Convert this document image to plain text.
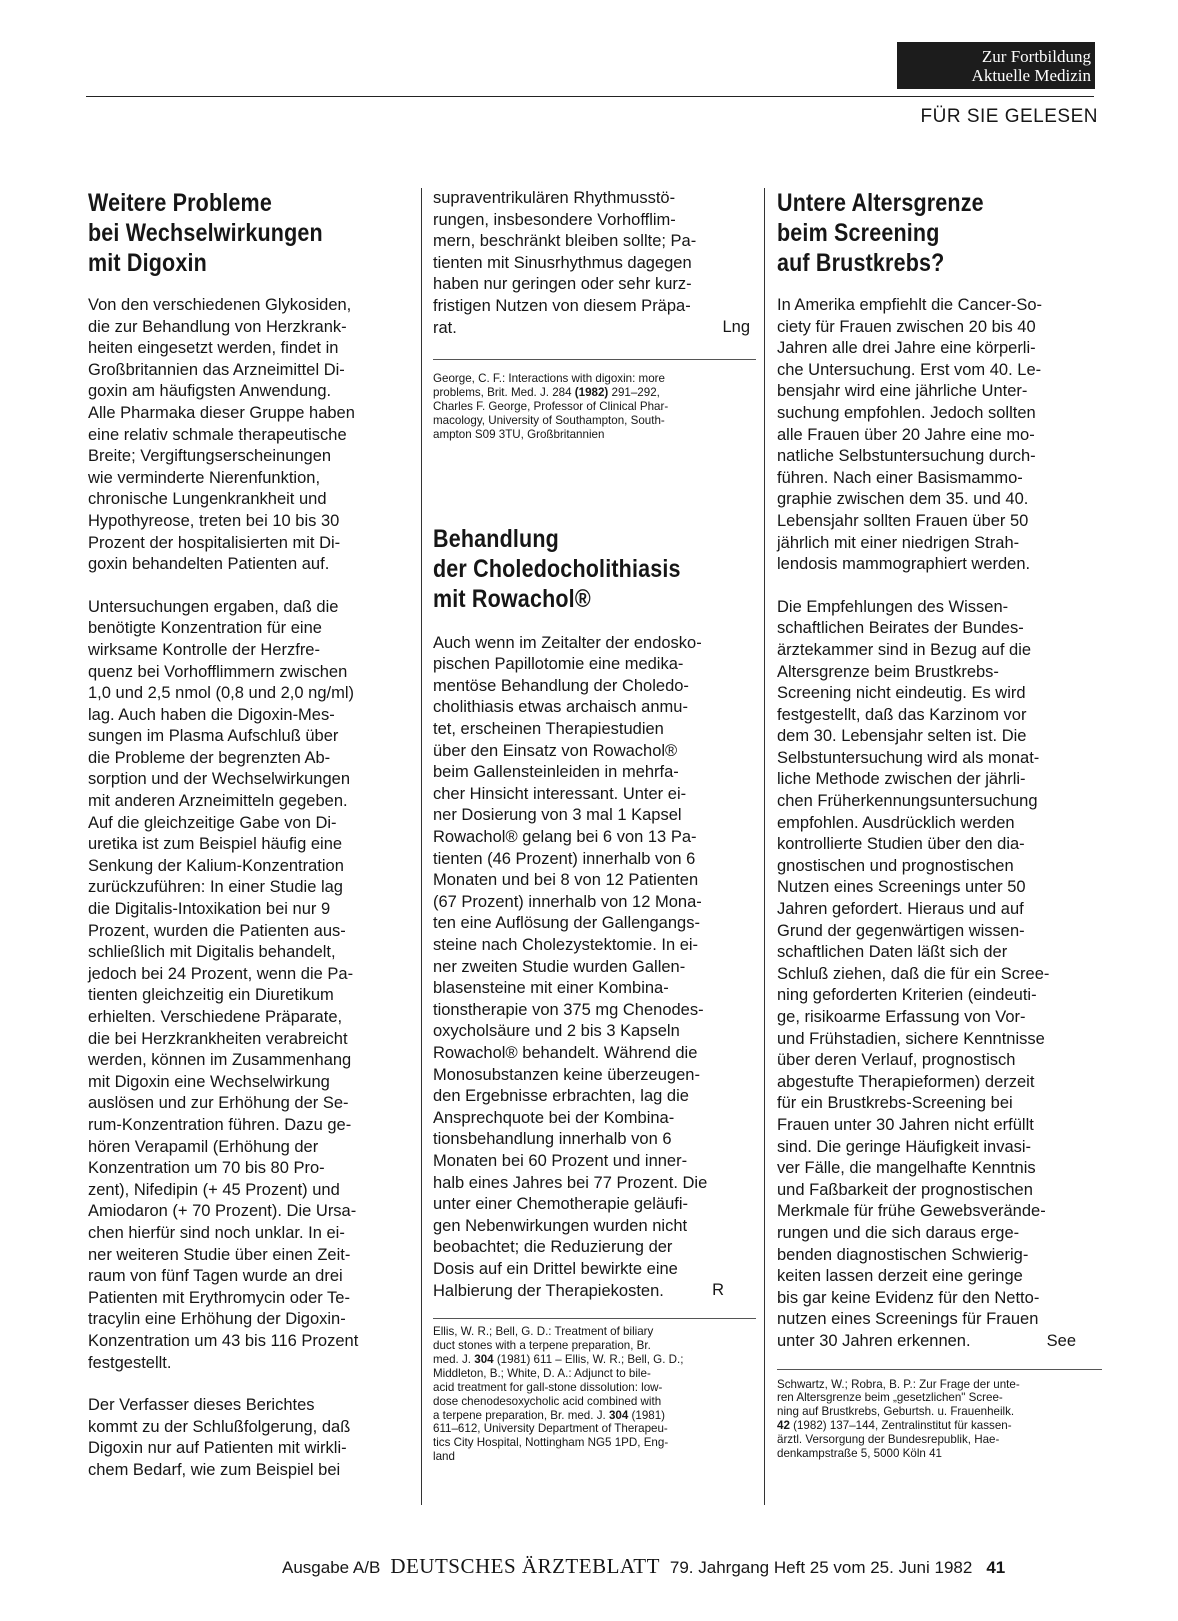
Zur Fortbildung
Aktuelle Medizin
FÜR SIE GELESEN
Weitere Probleme
bei Wechselwirkungen
mit Digoxin

Von den verschiedenen Glykosiden,
die zur Behandlung von Herzkrank-
heiten eingesetzt werden, findet in
Großbritannien das Arzneimittel Di-
goxin am häufigsten Anwendung.
Alle Pharmaka dieser Gruppe haben
eine relativ schmale therapeutische
Breite; Vergiftungserscheinungen
wie verminderte Nierenfunktion,
chronische Lungenkrankheit und
Hypothyreose, treten bei 10 bis 30
Prozent der hospitalisierten mit Di-
goxin behandelten Patienten auf.

Untersuchungen ergaben, daß die
benötigte Konzentration für eine
wirksame Kontrolle der Herzfre-
quenz bei Vorhofflimmern zwischen
1,0 und 2,5 nmol (0,8 und 2,0 ng/ml)
lag. Auch haben die Digoxin-Mes-
sungen im Plasma Aufschluß über
die Probleme der begrenzten Ab-
sorption und der Wechselwirkungen
mit anderen Arzneimitteln gegeben.
Auf die gleichzeitige Gabe von Di-
uretika ist zum Beispiel häufig eine
Senkung der Kalium-Konzentration
zurückzuführen: In einer Studie lag
die Digitalis-Intoxikation bei nur 9
Prozent, wurden die Patienten aus-
schließlich mit Digitalis behandelt,
jedoch bei 24 Prozent, wenn die Pa-
tienten gleichzeitig ein Diuretikum
erhielten. Verschiedene Präparate,
die bei Herzkrankheiten verabreicht
werden, können im Zusammenhang
mit Digoxin eine Wechselwirkung
auslösen und zur Erhöhung der Se-
rum-Konzentration führen. Dazu ge-
hören Verapamil (Erhöhung der
Konzentration um 70 bis 80 Pro-
zent), Nifedipin (+ 45 Prozent) und
Amiodaron (+ 70 Prozent). Die Ursa-
chen hierfür sind noch unklar. In ei-
ner weiteren Studie über einen Zeit-
raum von fünf Tagen wurde an drei
Patienten mit Erythromycin oder Te-
tracylin eine Erhöhung der Digoxin-
Konzentration um 43 bis 116 Prozent
festgestellt.

Der Verfasser dieses Berichtes
kommt zu der Schlußfolgerung, daß
Digoxin nur auf Patienten mit wirkli-
chem Bedarf, wie zum Beispiel bei

supraventrikulären Rhythmusstö-
rungen, insbesondere Vorhofflim-
mern, beschränkt bleiben sollte; Pa-
tienten mit Sinusrhythmus dagegen
haben nur geringen oder sehr kurz-
fristigen Nutzen von diesem Präpa-
rat.	Lng

George, C. F.: Interactions with digoxin: more
problems, Brit. Med. J. 284 (1982) 291–292,
Charles F. George, Professor of Clinical Phar-
macology, University of Southampton, South-
ampton S09 3TU, Großbritannien

Behandlung
der Choledocholithiasis
mit Rowachol®

Auch wenn im Zeitalter der endosko-
pischen Papillotomie eine medika-
mentöse Behandlung der Choledo-
cholithiasis etwas archaisch anmu-
tet, erscheinen Therapiestudien
über den Einsatz von Rowachol®
beim Gallensteinleiden in mehrfa-
cher Hinsicht interessant. Unter ei-
ner Dosierung von 3 mal 1 Kapsel
Rowachol® gelang bei 6 von 13 Pa-
tienten (46 Prozent) innerhalb von 6
Monaten und bei 8 von 12 Patienten
(67 Prozent) innerhalb von 12 Mona-
ten eine Auflösung der Gallengangs-
steine nach Cholezystektomie. In ei-
ner zweiten Studie wurden Gallen-
blasensteine mit einer Kombina-
tionstherapie von 375 mg Chenodes-
oxycholsäure und 2 bis 3 Kapseln
Rowachol® behandelt. Während die
Monosubstanzen keine überzeugen-
den Ergebnisse erbrachten, lag die
Ansprechquote bei der Kombina-
tionsbehandlung innerhalb von 6
Monaten bei 60 Prozent und inner-
halb eines Jahres bei 77 Prozent. Die
unter einer Chemotherapie geläufi-
gen Nebenwirkungen wurden nicht
beobachtet; die Reduzierung der
Dosis auf ein Drittel bewirkte eine
Halbierung der Therapiekosten.	R

Ellis, W. R.; Bell, G. D.: Treatment of biliary
duct stones with a terpene preparation, Br.
med. J. 304 (1981) 611 – Ellis, W. R.; Bell, G. D.;
Middleton, B.; White, D. A.: Adjunct to bile-
acid treatment for gall-stone dissolution: low-
dose chenodesoxycholic acid combined with
a terpene preparation, Br. med. J. 304 (1981)
611–612, University Department of Therapeu-
tics City Hospital, Nottingham NG5 1PD, Eng-
land

Untere Altersgrenze
beim Screening
auf Brustkrebs?

In Amerika empfiehlt die Cancer-So-
ciety für Frauen zwischen 20 bis 40
Jahren alle drei Jahre eine körperli-
che Untersuchung. Erst vom 40. Le-
bensjahr wird eine jährliche Unter-
suchung empfohlen. Jedoch sollten
alle Frauen über 20 Jahre eine mo-
natliche Selbstuntersuchung durch-
führen. Nach einer Basismammo-
graphie zwischen dem 35. und 40.
Lebensjahr sollten Frauen über 50
jährlich mit einer niedrigen Strah-
lendosis mammographiert werden.

Die Empfehlungen des Wissen-
schaftlichen Beirates der Bundes-
ärztekammer sind in Bezug auf die
Altersgrenze beim Brustkrebs-
Screening nicht eindeutig. Es wird
festgestellt, daß das Karzinom vor
dem 30. Lebensjahr selten ist. Die
Selbstuntersuchung wird als monat-
liche Methode zwischen der jährli-
chen Früherkennungsuntersuchung
empfohlen. Ausdrücklich werden
kontrollierte Studien über den dia-
gnostischen und prognostischen
Nutzen eines Screenings unter 50
Jahren gefordert. Hieraus und auf
Grund der gegenwärtigen wissen-
schaftlichen Daten läßt sich der
Schluß ziehen, daß die für ein Scree-
ning geforderten Kriterien (eindeuti-
ge, risikoarme Erfassung von Vor-
und Frühstadien, sichere Kenntnisse
über deren Verlauf, prognostisch
abgestufte Therapieformen) derzeit
für ein Brustkrebs-Screening bei
Frauen unter 30 Jahren nicht erfüllt
sind. Die geringe Häufigkeit invasi-
ver Fälle, die mangelhafte Kenntnis
und Faßbarkeit der prognostischen
Merkmale für frühe Gewebsverände-
rungen und die sich daraus erge-
benden diagnostischen Schwierig-
keiten lassen derzeit eine geringe
bis gar keine Evidenz für den Netto-
nutzen eines Screenings für Frauen
unter 30 Jahren erkennen.	See

Schwartz, W.; Robra, B. P.: Zur Frage der unte-
ren Altersgrenze beim „gesetzlichen" Scree-
ning auf Brustkrebs, Geburtsh. u. Frauenheilk.
42 (1982) 137–144, Zentralinstitut für kassen-
ärztl. Versorgung der Bundesrepublik, Hae-
denkampstraße 5, 5000 Köln 41

Ausgabe A/B DEUTSCHES ÄRZTEBLATT 79. Jahrgang Heft 25 vom 25. Juni 1982 41
